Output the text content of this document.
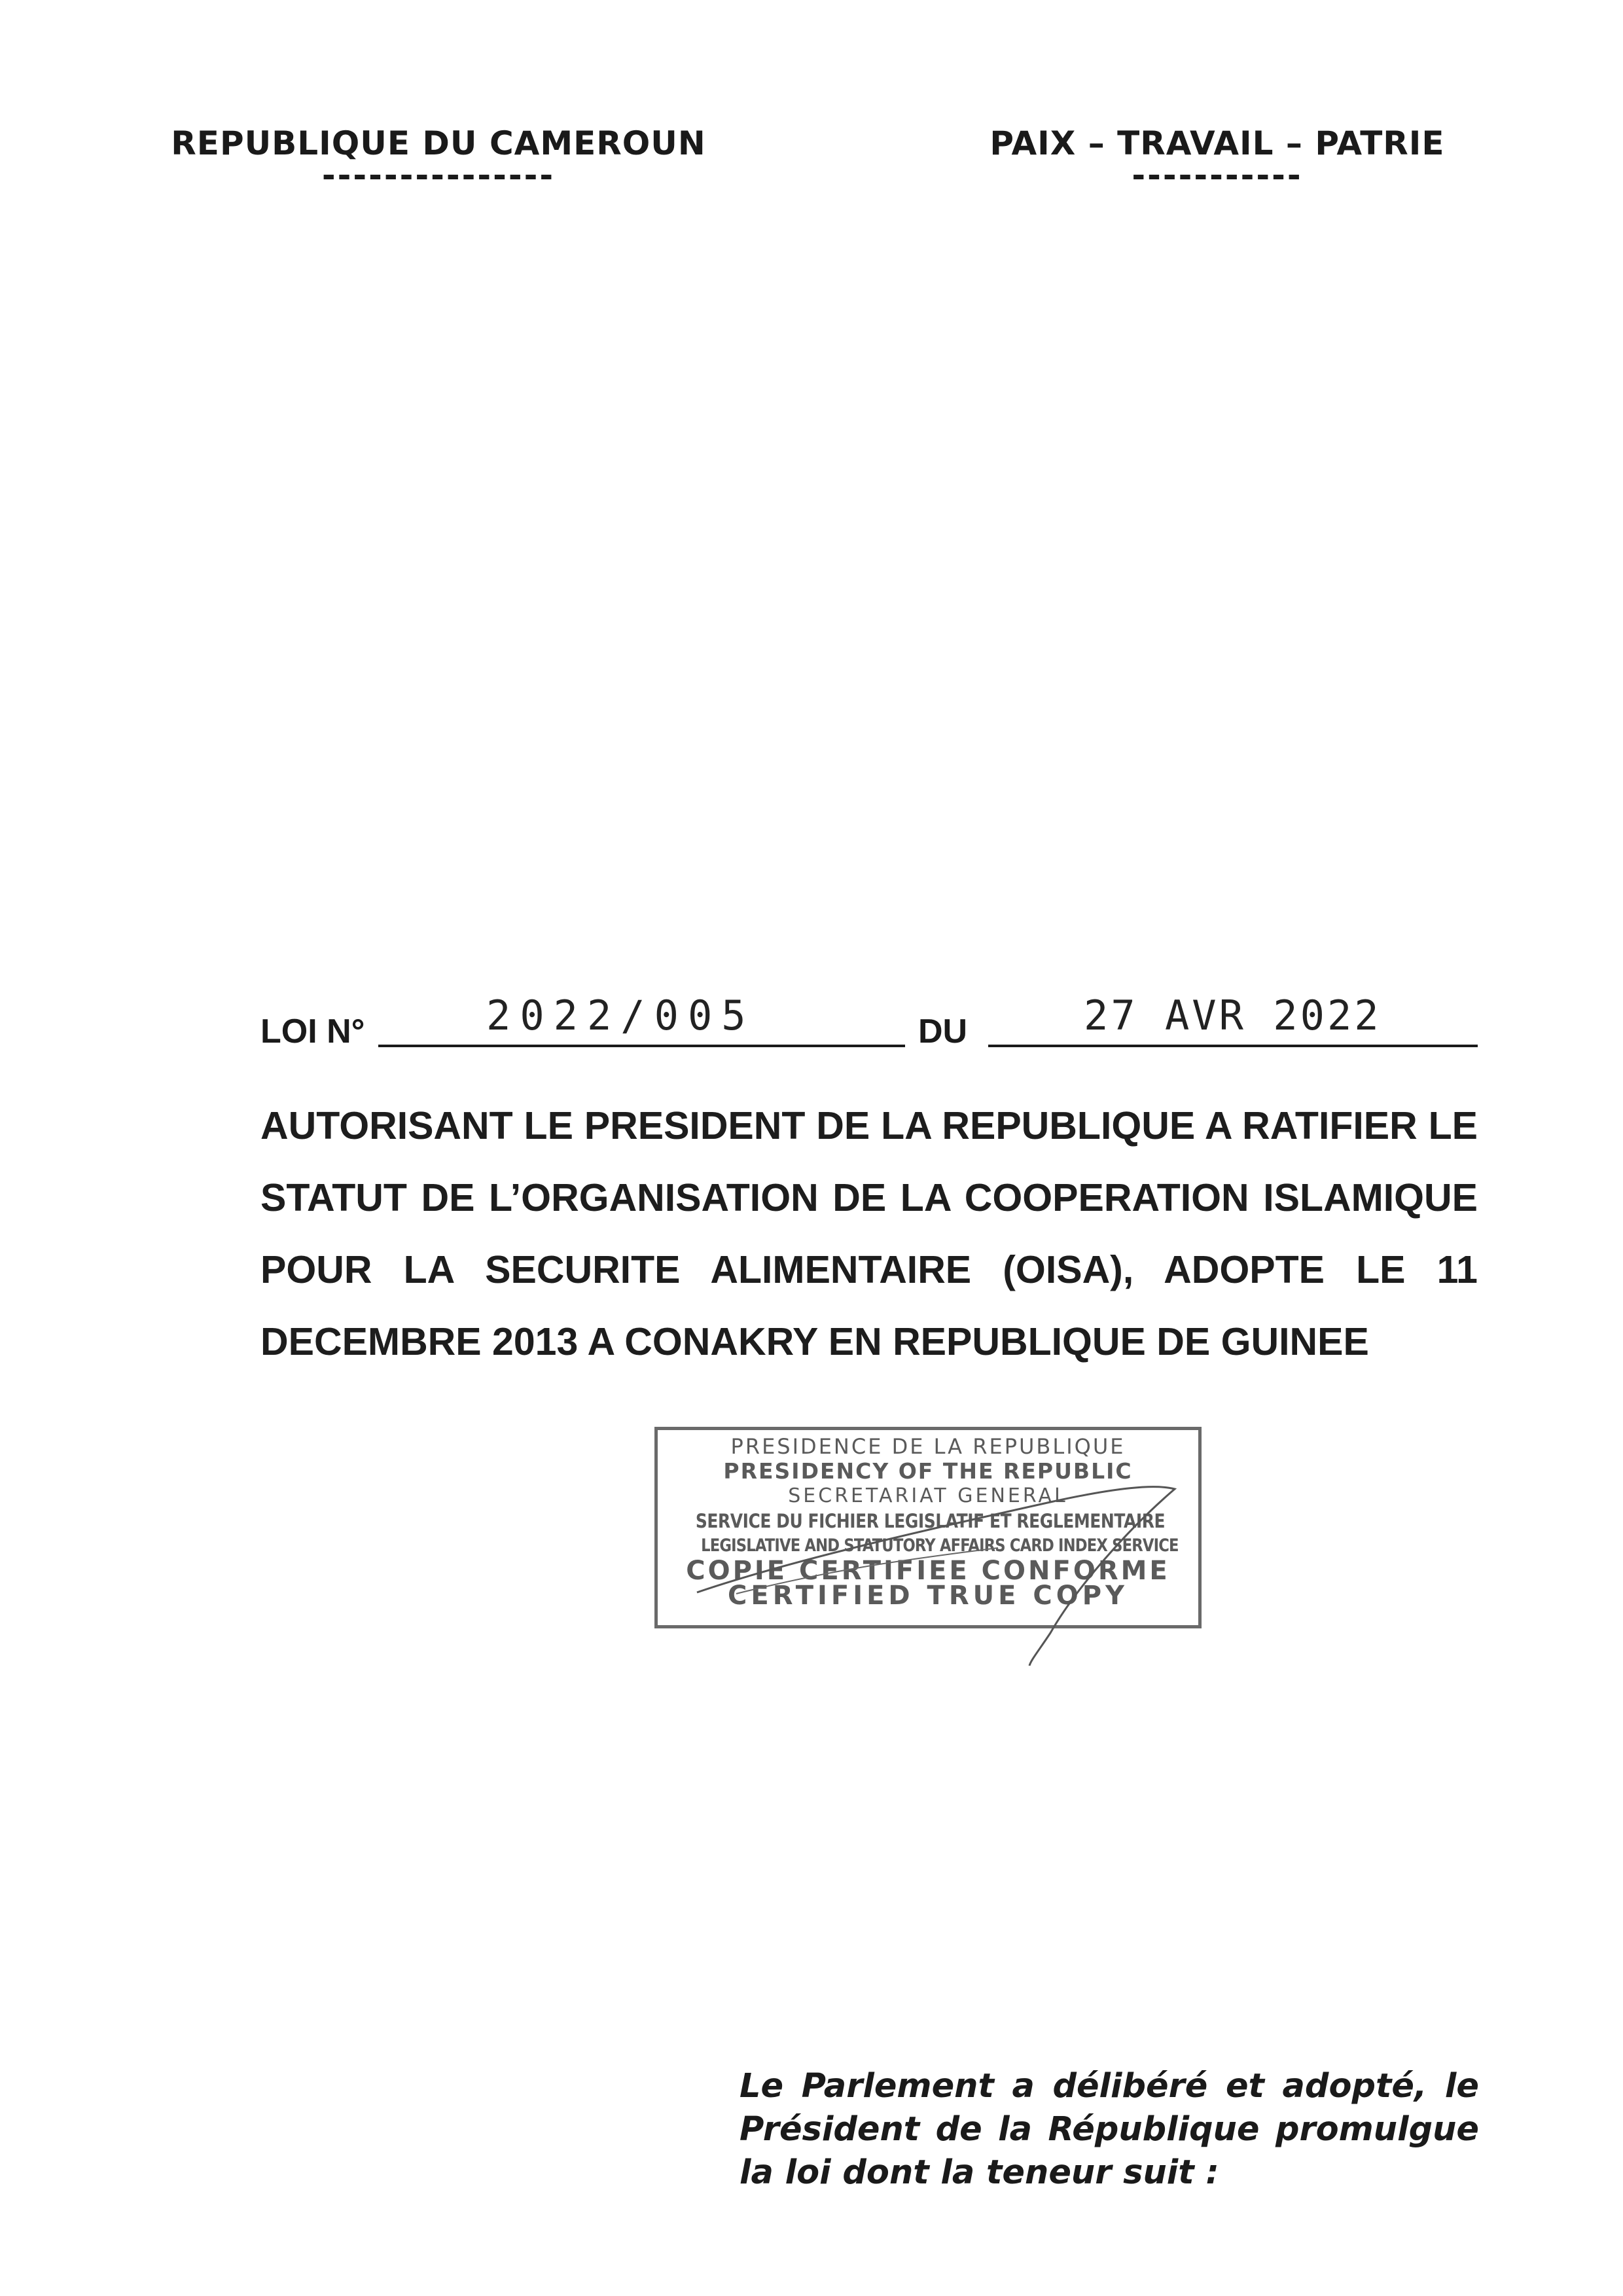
REPUBLIQUE DU CAMEROUN
---------------
PAIX – TRAVAIL – PATRIE
-----------
LOI N°	2022/005	DU	27 AVR 2022
AUTORISANT LE PRESIDENT DE LA REPUBLIQUE A RATIFIER LE
STATUT DE L’ORGANISATION DE LA COOPERATION ISLAMIQUE
POUR LA SECURITE ALIMENTAIRE (OISA), ADOPTE LE 11
DECEMBRE 2013 A CONAKRY EN REPUBLIQUE DE GUINEE
PRESIDENCE DE LA REPUBLIQUE
PRESIDENCY OF THE REPUBLIC
SECRETARIAT GENERAL
SERVICE DU FICHIER LEGISLATIF ET REGLEMENTAIRE
LEGISLATIVE AND STATUTORY AFFAIRS CARD INDEX SERVICE
COPIE CERTIFIEE CONFORME
CERTIFIED TRUE COPY
Le Parlement a délibéré et adopté, le
Président de la République promulgue
la loi dont la teneur suit :
